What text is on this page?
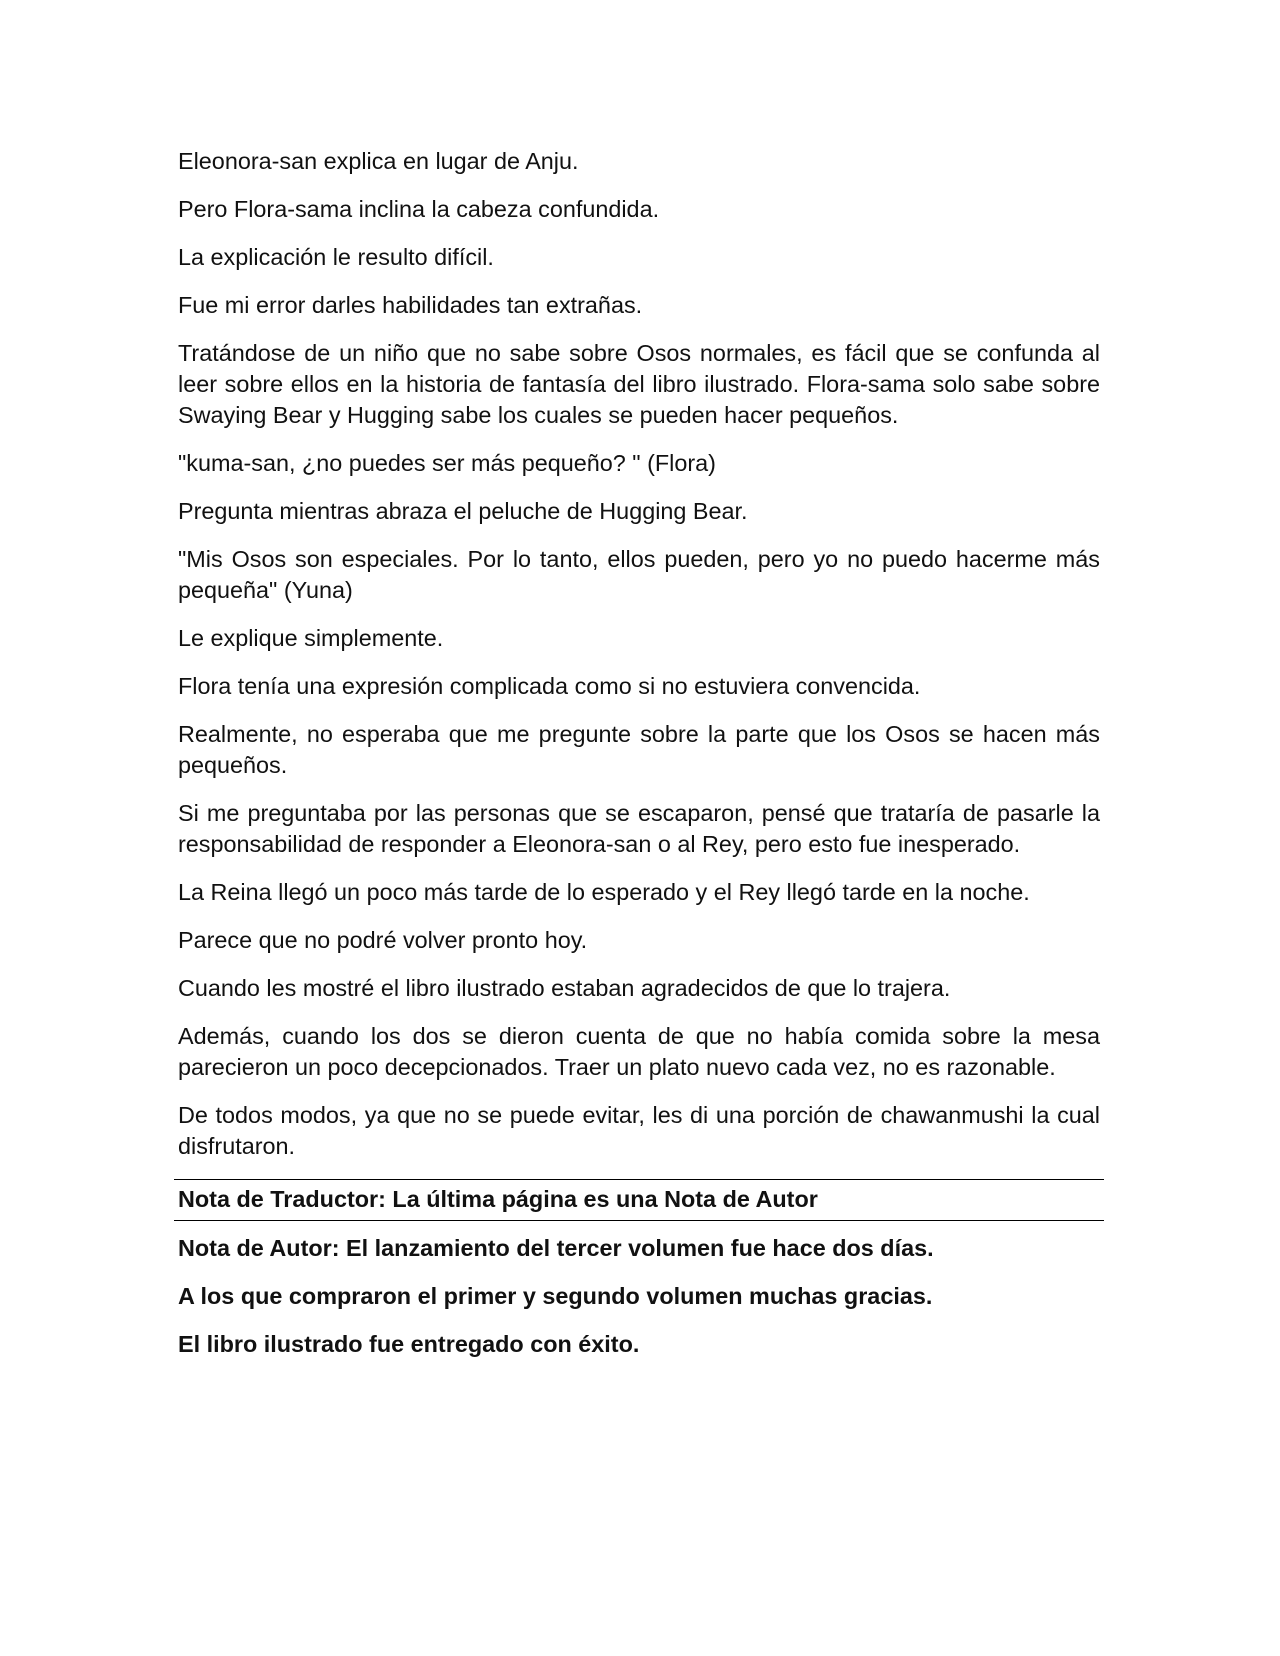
Eleonora-san explica en lugar de Anju.

Pero Flora-sama inclina la cabeza confundida.

La explicación le resulto difícil.

Fue mi error darles habilidades tan extrañas.

Tratándose de un niño que no sabe sobre Osos normales, es fácil que se confunda al leer sobre ellos en la historia de fantasía del libro ilustrado. Flora-sama solo sabe sobre Swaying Bear y Hugging sabe los cuales se pueden hacer pequeños.

"kuma-san, ¿no puedes ser más pequeño? " (Flora)

Pregunta mientras abraza el peluche de Hugging Bear.

"Mis Osos son especiales. Por lo tanto, ellos pueden, pero yo no puedo hacerme más pequeña" (Yuna)

Le explique simplemente.

Flora tenía una expresión complicada como si no estuviera convencida.

Realmente, no esperaba que me pregunte sobre la parte que los Osos se hacen más pequeños.

Si me preguntaba por las personas que se escaparon, pensé que trataría de pasarle la responsabilidad de responder a Eleonora-san o al Rey, pero esto fue inesperado.

La Reina llegó un poco más tarde de lo esperado y el Rey llegó tarde en la noche.

Parece que no podré volver pronto hoy.

Cuando les mostré el libro ilustrado estaban agradecidos de que lo trajera.

Además, cuando los dos se dieron cuenta de que no había comida sobre la mesa parecieron un poco decepcionados. Traer un plato nuevo cada vez, no es razonable.

De todos modos, ya que no se puede evitar, les di una porción de chawanmushi la cual disfrutaron.

Nota de Traductor: La última página es una Nota de Autor

Nota de Autor: El lanzamiento del tercer volumen fue hace dos días.

A los que compraron el primer y segundo volumen muchas gracias.

El libro ilustrado fue entregado con éxito.
